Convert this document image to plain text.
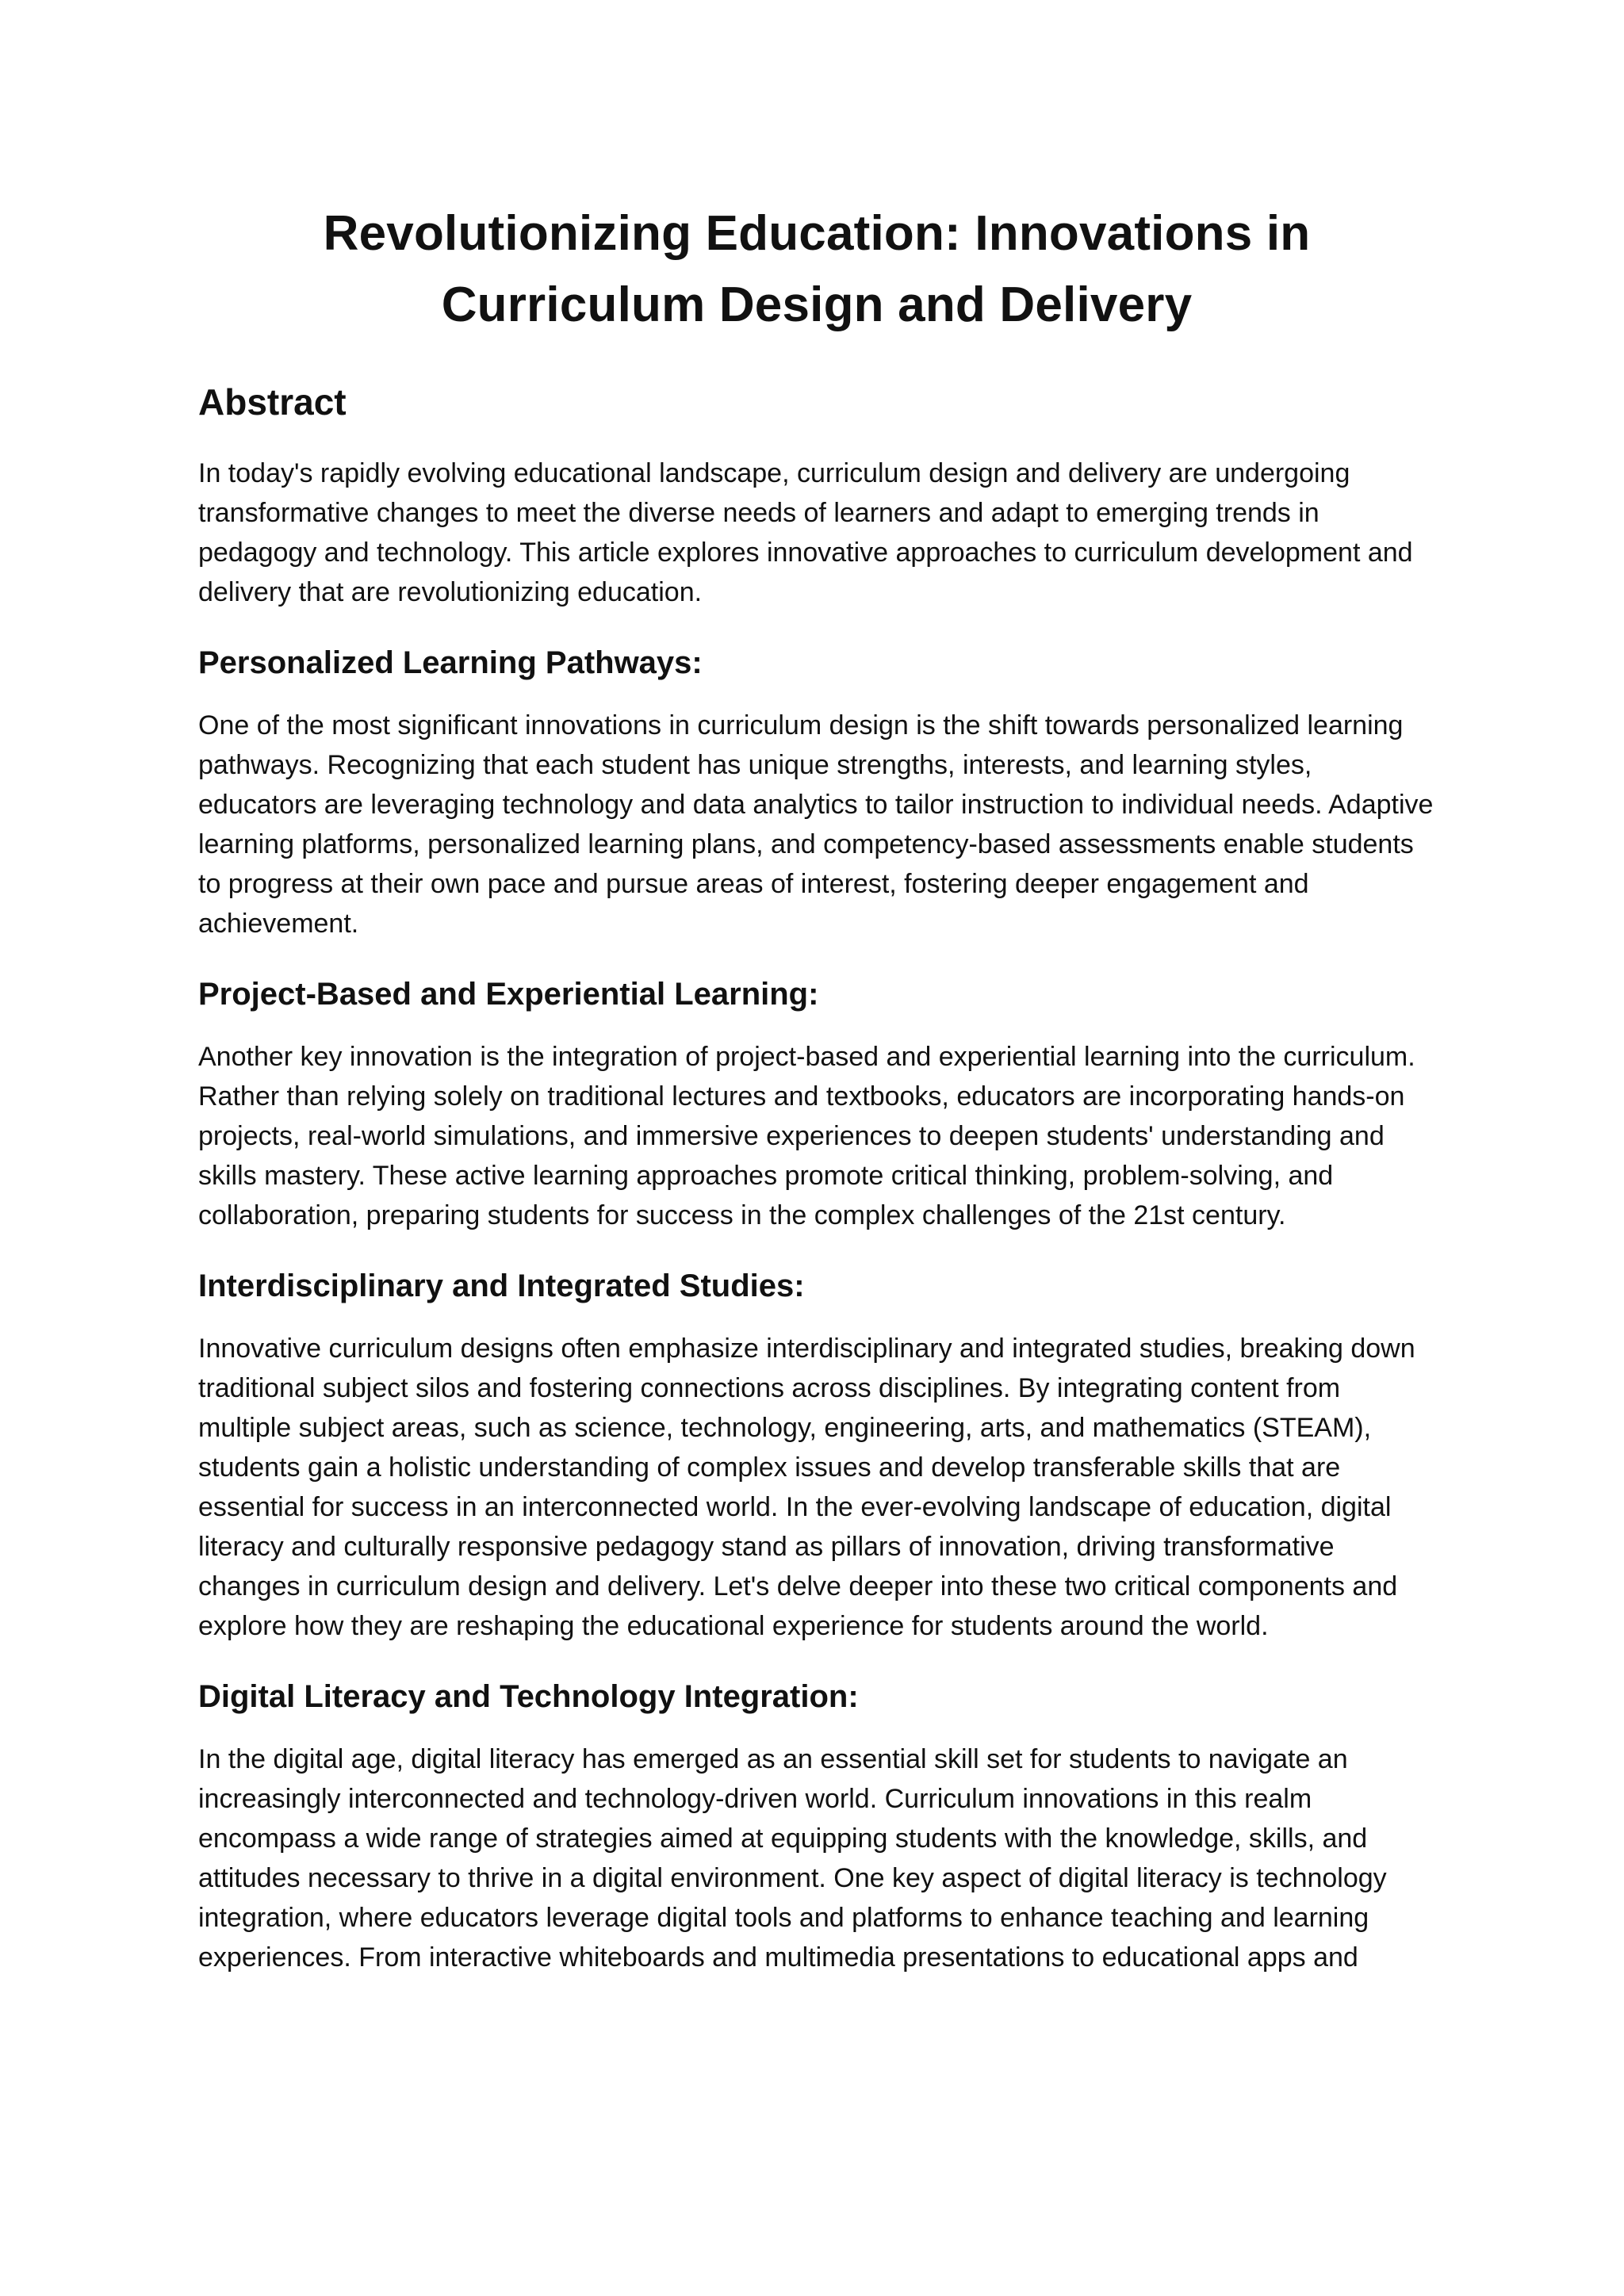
Revolutionizing Education: Innovations in Curriculum Design and Delivery
Abstract

In today's rapidly evolving educational landscape, curriculum design and delivery are undergoing transformative changes to meet the diverse needs of learners and adapt to emerging trends in pedagogy and technology. This article explores innovative approaches to curriculum development and delivery that are revolutionizing education.

Personalized Learning Pathways:

One of the most significant innovations in curriculum design is the shift towards personalized learning pathways. Recognizing that each student has unique strengths, interests, and learning styles, educators are leveraging technology and data analytics to tailor instruction to individual needs. Adaptive learning platforms, personalized learning plans, and competency-based assessments enable students to progress at their own pace and pursue areas of interest, fostering deeper engagement and achievement.

Project-Based and Experiential Learning:

Another key innovation is the integration of project-based and experiential learning into the curriculum. Rather than relying solely on traditional lectures and textbooks, educators are incorporating hands-on projects, real-world simulations, and immersive experiences to deepen students' understanding and skills mastery. These active learning approaches promote critical thinking, problem-solving, and collaboration, preparing students for success in the complex challenges of the 21st century.

Interdisciplinary and Integrated Studies:

Innovative curriculum designs often emphasize interdisciplinary and integrated studies, breaking down traditional subject silos and fostering connections across disciplines. By integrating content from multiple subject areas, such as science, technology, engineering, arts, and mathematics (STEAM), students gain a holistic understanding of complex issues and develop transferable skills that are essential for success in an interconnected world. In the ever-evolving landscape of education, digital literacy and culturally responsive pedagogy stand as pillars of innovation, driving transformative changes in curriculum design and delivery. Let's delve deeper into these two critical components and explore how they are reshaping the educational experience for students around the world.

Digital Literacy and Technology Integration:

In the digital age, digital literacy has emerged as an essential skill set for students to navigate an increasingly interconnected and technology-driven world. Curriculum innovations in this realm encompass a wide range of strategies aimed at equipping students with the knowledge, skills, and attitudes necessary to thrive in a digital environment. One key aspect of digital literacy is technology integration, where educators leverage digital tools and platforms to enhance teaching and learning experiences. From interactive whiteboards and multimedia presentations to educational apps and
